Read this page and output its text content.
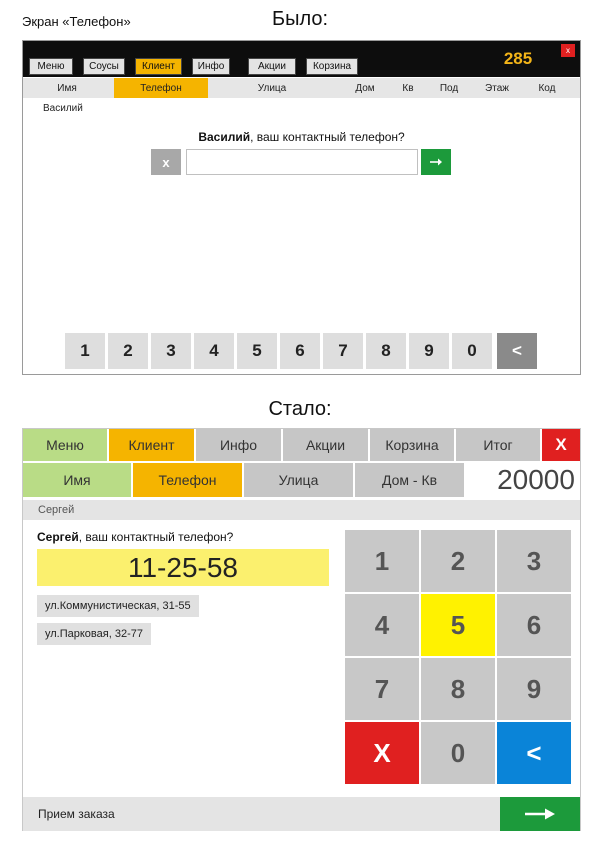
Экран «Телефон»	Было:
Стало:
Меню	Соусы	Клиент	Инфо	Акции	Корзина	285	x
Имя	Телефон	Улица	Дом	Кв	Под	Этаж	Код
Василий
Василий, ваш контактный телефон?
x
1	2	3	4	5	6	7	8	9	0	<
Меню	Клиент	Инфо	Акции	Корзина	Итог	X
Имя	Телефон	Улица	Дом - Кв	20000
Сергей
Сергей, ваш контактный телефон?
11-25-58
ул.Коммунистическая, 31-55
ул.Парковая, 32-77
1	2	3
4	5	6
7	8	9
X	0	<
Прием заказа
